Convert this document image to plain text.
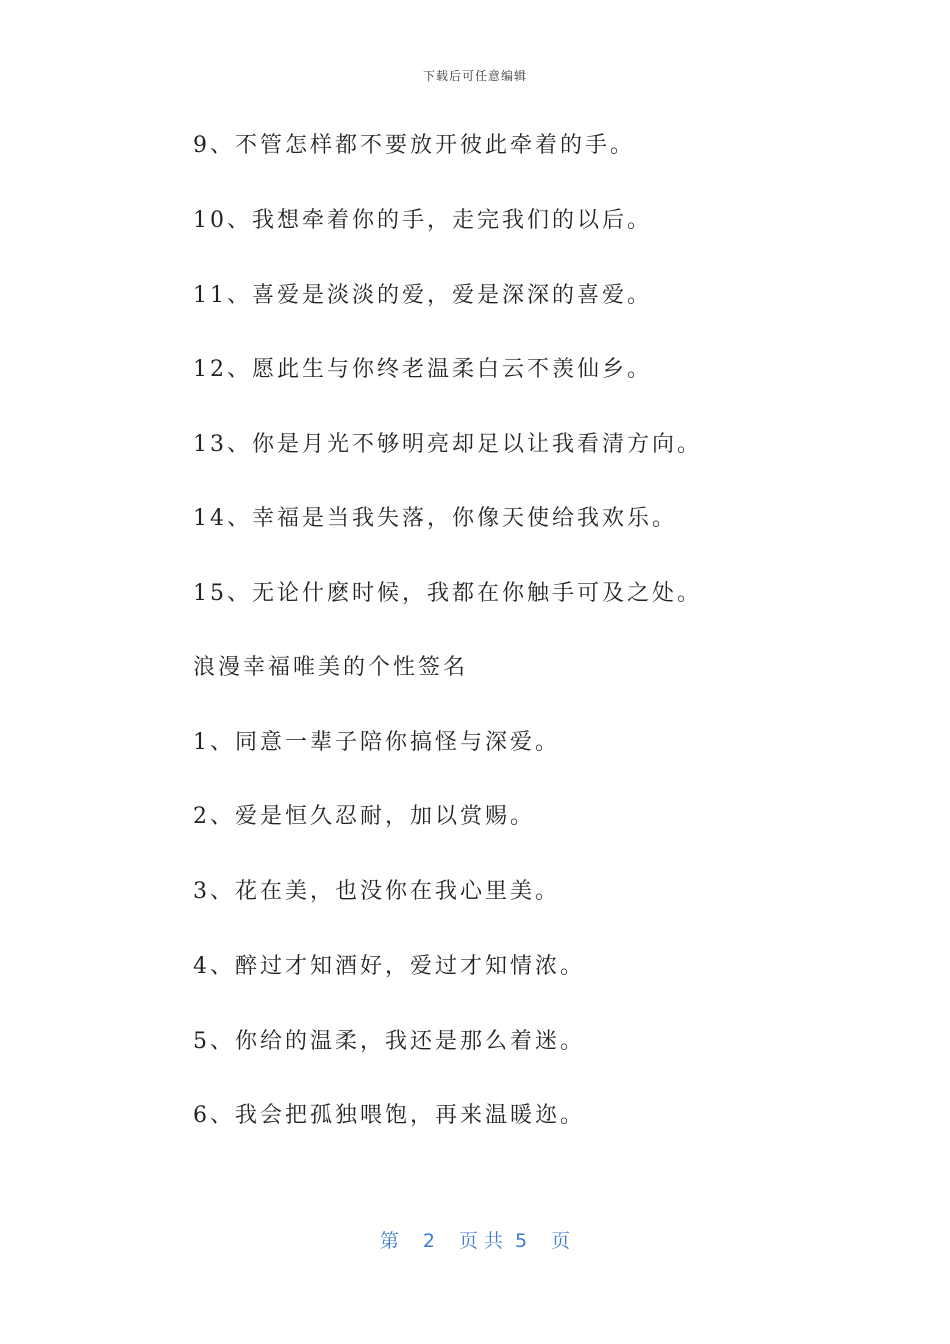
下载后可任意编辑
9、不管怎样都不要放开彼此牵着的手。
10、我想牵着你的手，走完我们的以后。
11、喜爱是淡淡的爱，爱是深深的喜爱。
12、愿此生与你终老温柔白云不羡仙乡。
13、你是月光不够明亮却足以让我看清方向。
14、幸福是当我失落，你像天使给我欢乐。
15、无论什麽时候，我都在你触手可及之处。
浪漫幸福唯美的个性签名
1、同意一辈子陪你搞怪与深爱。
2、爱是恒久忍耐，加以赏赐。
3、花在美，也没你在我心里美。
4、醉过才知酒好，爱过才知情浓。
5、你给的温柔，我还是那么着迷。
6、我会把孤独喂饱，再来温暖迩。
第 2 页 共 5 页
